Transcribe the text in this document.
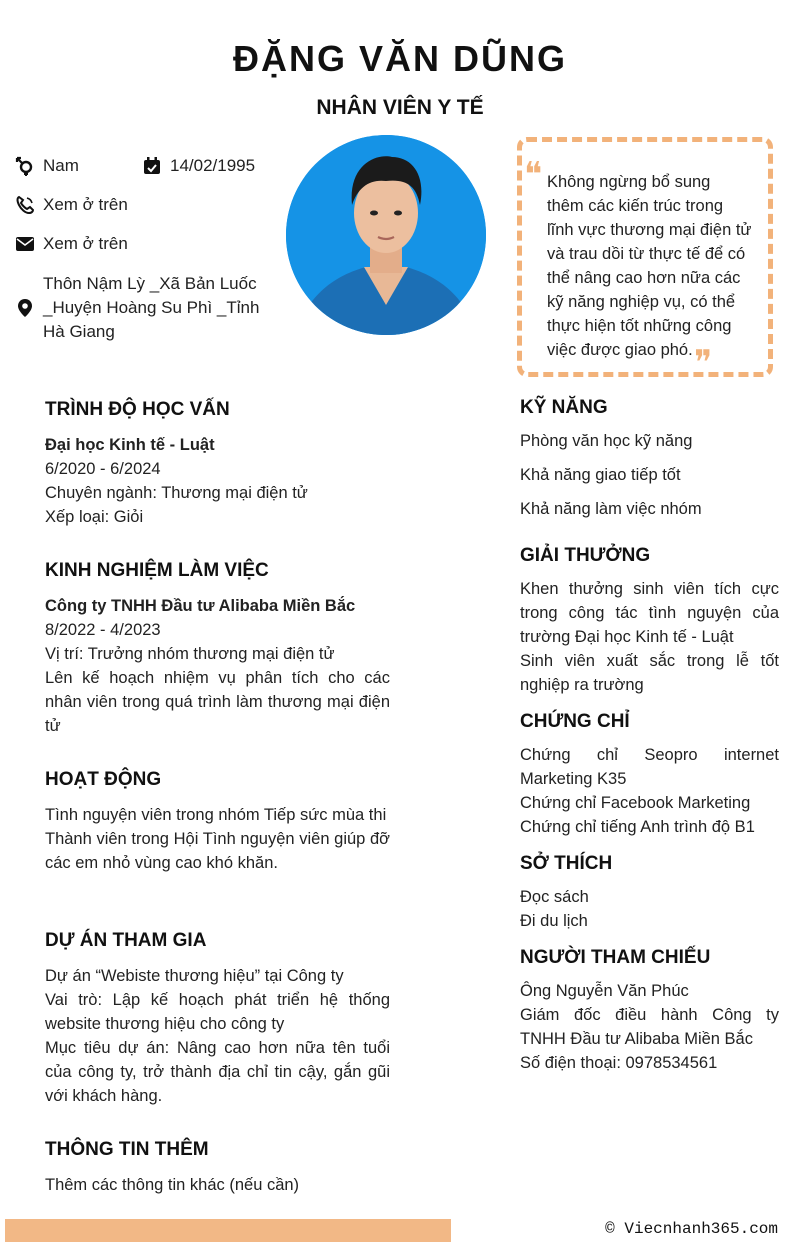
ĐẶNG VĂN DŨNG
NHÂN VIÊN Y TẾ
Nam	14/02/1995
Xem ở trên
Xem ở trên
Thôn Nậm Lỳ _Xã Bản Luốc
_Huyện Hoàng Su Phì _Tỉnh
Hà Giang
❝ Không ngừng bổ sung
thêm các kiến trúc trong
lĩnh vực thương mại điện tử
và trau dồi từ thực tế để có
thể nâng cao hơn nữa các
kỹ năng nghiệp vụ, có thể
thực hiện tốt những công
việc được giao phó. ❞
TRÌNH ĐỘ HỌC VẤN
Đại học Kinh tế - Luật
6/2020 - 6/2024
Chuyên ngành: Thương mại điện tử
Xếp loại: Giỏi
KINH NGHIỆM LÀM VIỆC
Công ty TNHH Đầu tư Alibaba Miền Bắc
8/2022 - 4/2023
Vị trí: Trưởng nhóm thương mại điện tử
Lên kế hoạch nhiệm vụ phân tích cho các nhân viên trong quá trình làm thương mại điện tử
HOẠT ĐỘNG
Tình nguyện viên trong nhóm Tiếp sức mùa thi
Thành viên trong Hội Tình nguyện viên giúp đỡ các em nhỏ vùng cao khó khăn.
DỰ ÁN THAM GIA
Dự án “Webiste thương hiệu” tại Công ty
Vai trò: Lập kế hoạch phát triển hệ thống website thương hiệu cho công ty
Mục tiêu dự án: Nâng cao hơn nữa tên tuổi của công ty, trở thành địa chỉ tin cậy, gắn gũi với khách hàng.
THÔNG TIN THÊM
Thêm các thông tin khác (nếu cần)
KỸ NĂNG
Phòng văn học kỹ năng
Khả năng giao tiếp tốt
Khả năng làm việc nhóm
GIẢI THƯỞNG
Khen thưởng sinh viên tích cực trong công tác tình nguyện của trường Đại học Kinh tế - Luật
Sinh viên xuất sắc trong lễ tốt nghiệp ra trường
CHỨNG CHỈ
Chứng chỉ Seopro internet Marketing K35
Chứng chỉ Facebook Marketing
Chứng chỉ tiếng Anh trình độ B1
SỞ THÍCH
Đọc sách
Đi du lịch
NGƯỜI THAM CHIẾU
Ông Nguyễn Văn Phúc
Giám đốc điều hành Công ty TNHH Đầu tư Alibaba Miền Bắc
Số điện thoại: 0978534561
© Viecnhanh365.com
